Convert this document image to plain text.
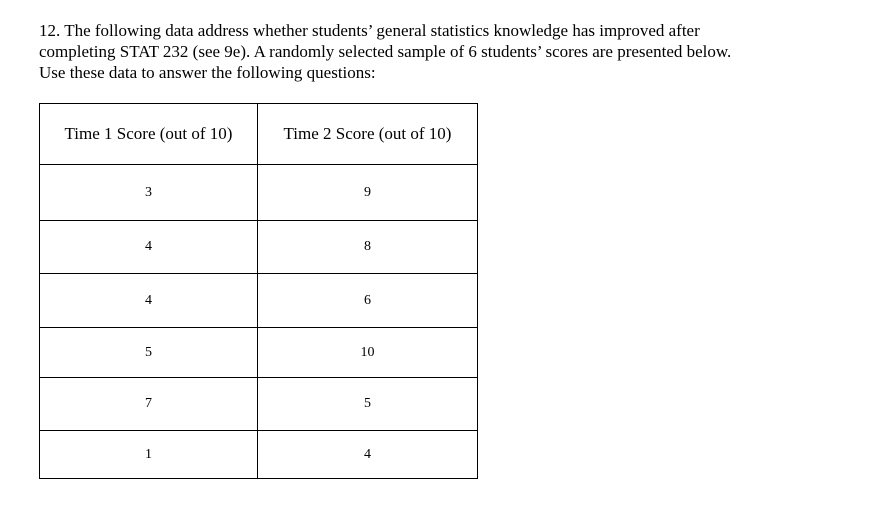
12. The following data address whether students’ general statistics knowledge has improved after
completing STAT 232 (see 9e). A randomly selected sample of 6 students’ scores are presented below.
Use these data to answer the following questions:
Time 1 Score (out of 10)	Time 2 Score (out of 10)
3	9
4	8
4	6
5	10
7	5
1	4
